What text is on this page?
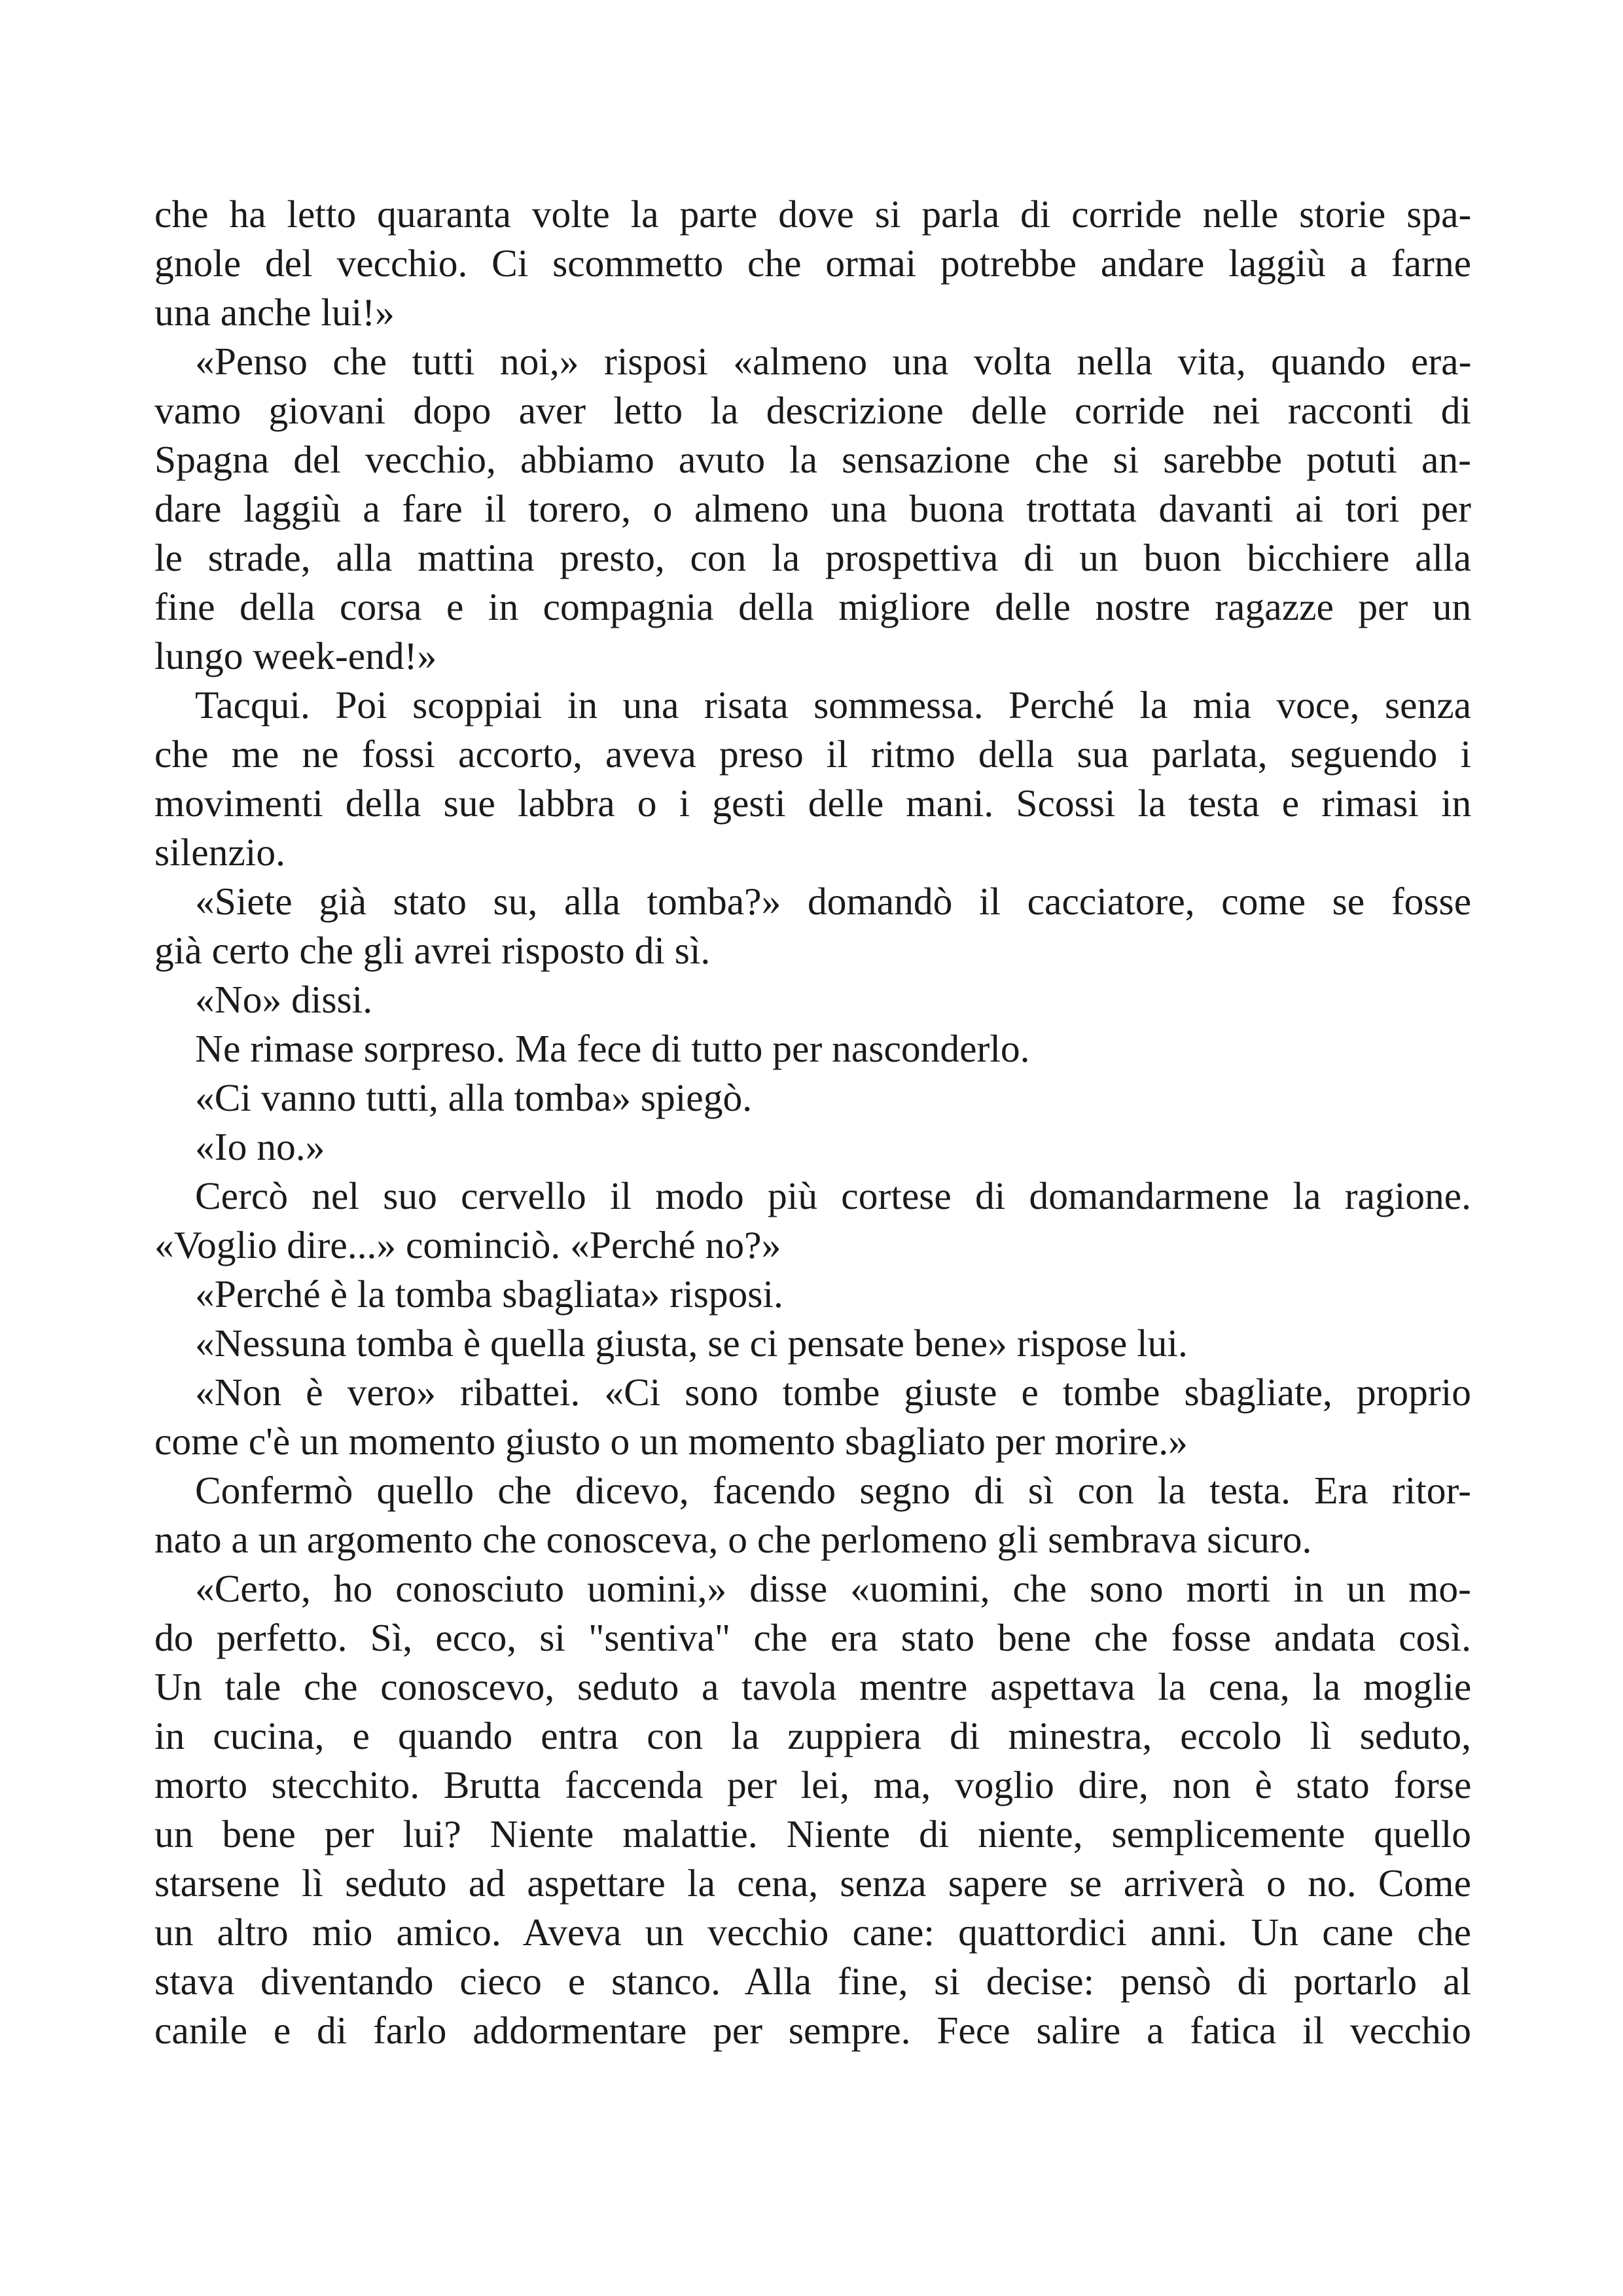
che ha letto quaranta volte la parte dove si parla di corride nelle storie spa-
gnole del vecchio. Ci scommetto che ormai potrebbe andare laggiù a farne
una anche lui!»
«Penso che tutti noi,» risposi «almeno una volta nella vita, quando era-
vamo giovani dopo aver letto la descrizione delle corride nei racconti di
Spagna del vecchio, abbiamo avuto la sensazione che si sarebbe potuti an-
dare laggiù a fare il torero, o almeno una buona trottata davanti ai tori per
le strade, alla mattina presto, con la prospettiva di un buon bicchiere alla
fine della corsa e in compagnia della migliore delle nostre ragazze per un
lungo week-end!»
Tacqui. Poi scoppiai in una risata sommessa. Perché la mia voce, senza
che me ne fossi accorto, aveva preso il ritmo della sua parlata, seguendo i
movimenti della sue labbra o i gesti delle mani. Scossi la testa e rimasi in
silenzio.
«Siete già stato su, alla tomba?» domandò il cacciatore, come se fosse
già certo che gli avrei risposto di sì.
«No» dissi.
Ne rimase sorpreso. Ma fece di tutto per nasconderlo.
«Ci vanno tutti, alla tomba» spiegò.
«Io no.»
Cercò nel suo cervello il modo più cortese di domandarmene la ragione.
«Voglio dire...» cominciò. «Perché no?»
«Perché è la tomba sbagliata» risposi.
«Nessuna tomba è quella giusta, se ci pensate bene» rispose lui.
«Non è vero» ribattei. «Ci sono tombe giuste e tombe sbagliate, proprio
come c'è un momento giusto o un momento sbagliato per morire.»
Confermò quello che dicevo, facendo segno di sì con la testa. Era ritor-
nato a un argomento che conosceva, o che perlomeno gli sembrava sicuro.
«Certo, ho conosciuto uomini,» disse «uomini, che sono morti in un mo-
do perfetto. Sì, ecco, si "sentiva" che era stato bene che fosse andata così.
Un tale che conoscevo, seduto a tavola mentre aspettava la cena, la moglie
in cucina, e quando entra con la zuppiera di minestra, eccolo lì seduto,
morto stecchito. Brutta faccenda per lei, ma, voglio dire, non è stato forse
un bene per lui? Niente malattie. Niente di niente, semplicemente quello
starsene lì seduto ad aspettare la cena, senza sapere se arriverà o no. Come
un altro mio amico. Aveva un vecchio cane: quattordici anni. Un cane che
stava diventando cieco e stanco. Alla fine, si decise: pensò di portarlo al
canile e di farlo addormentare per sempre. Fece salire a fatica il vecchio
